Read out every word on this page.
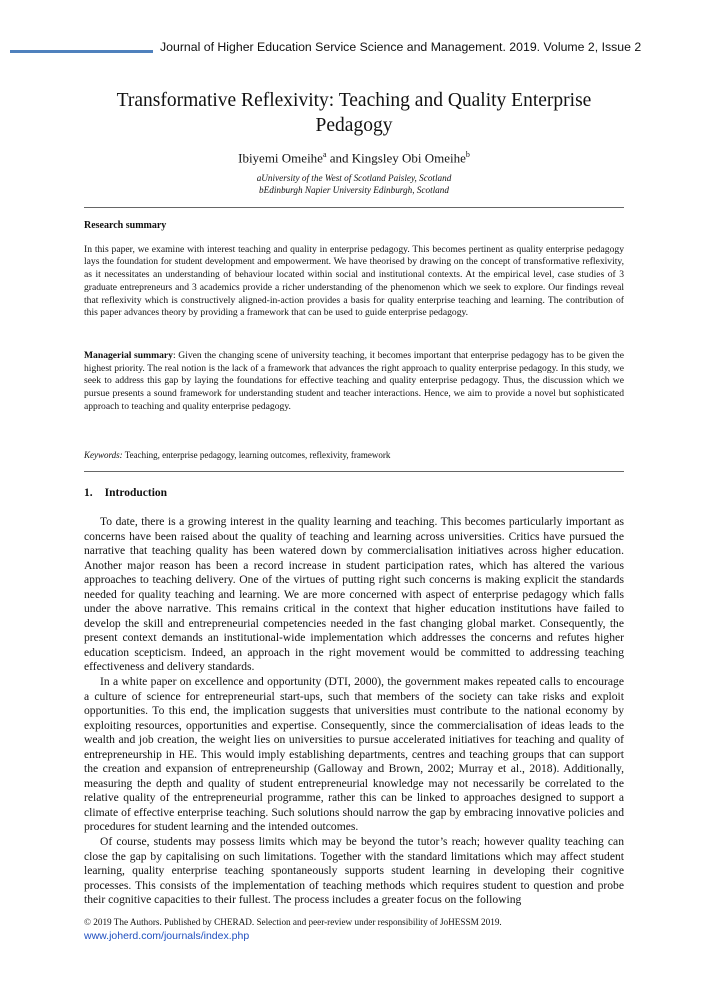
Journal of Higher Education Service Science and Management. 2019. Volume 2, Issue 2
Transformative Reflexivity: Teaching and Quality Enterprise Pedagogy
Ibiyemi Omeihe$^a$ and Kingsley Obi Omeihe$^b$
aUniversity of the West of Scotland Paisley, Scotland
bEdinburgh Napier University Edinburgh, Scotland
Research summary
In this paper, we examine with interest teaching and quality in enterprise pedagogy. This becomes pertinent as quality enterprise pedagogy lays the foundation for student development and empowerment. We have theorised by drawing on the concept of transformative reflexivity, as it necessitates an understanding of behaviour located within social and institutional contexts. At the empirical level, case studies of 3 graduate entrepreneurs and 3 academics provide a richer understanding of the phenomenon which we seek to explore. Our findings reveal that reflexivity which is constructively aligned-in-action provides a basis for quality enterprise teaching and learning. The contribution of this paper advances theory by providing a framework that can be used to guide enterprise pedagogy.
Managerial summary: Given the changing scene of university teaching, it becomes important that enterprise pedagogy has to be given the highest priority. The real notion is the lack of a framework that advances the right approach to quality enterprise pedagogy. In this study, we seek to address this gap by laying the foundations for effective teaching and quality enterprise pedagogy. Thus, the discussion which we pursue presents a sound framework for understanding student and teacher interactions. Hence, we aim to provide a novel but sophisticated approach to teaching and quality enterprise pedagogy.
Keywords: Teaching, enterprise pedagogy, learning outcomes, reflexivity, framework
1. Introduction

To date, there is a growing interest in the quality learning and teaching. This becomes particularly important as concerns have been raised about the quality of teaching and learning across universities. Critics have pursued the narrative that teaching quality has been watered down by commercialisation initiatives across higher education. Another major reason has been a record increase in student participation rates, which has altered the various approaches to teaching delivery. One of the virtues of putting right such concerns is making explicit the standards needed for quality teaching and learning. We are more concerned with aspect of enterprise pedagogy which falls under the above narrative. This remains critical in the context that higher education institutions have failed to develop the skill and entrepreneurial competencies needed in the fast changing global market. Consequently, the present context demands an institutional-wide implementation which addresses the concerns and refutes higher education scepticism. Indeed, an approach in the right movement would be committed to addressing teaching effectiveness and delivery standards.

In a white paper on excellence and opportunity (DTI, 2000), the government makes repeated calls to encourage a culture of science for entrepreneurial start-ups, such that members of the society can take risks and exploit opportunities. To this end, the implication suggests that universities must contribute to the national economy by exploiting resources, opportunities and expertise. Consequently, since the commercialisation of ideas leads to the wealth and job creation, the weight lies on universities to pursue accelerated initiatives for teaching and quality of entrepreneurship in HE. This would imply establishing departments, centres and teaching groups that can support the creation and expansion of entrepreneurship (Galloway and Brown, 2002; Murray et al., 2018). Additionally, measuring the depth and quality of student entrepreneurial knowledge may not necessarily be correlated to the relative quality of the entrepreneurial programme, rather this can be linked to approaches designed to support a climate of effective enterprise teaching. Such solutions should narrow the gap by embracing innovative policies and procedures for student learning and the intended outcomes.

Of course, students may possess limits which may be beyond the tutor’s reach; however quality teaching can close the gap by capitalising on such limitations. Together with the standard limitations which may affect student learning, quality enterprise teaching spontaneously supports student learning in developing their cognitive processes. This consists of the implementation of teaching methods which requires student to question and probe their cognitive capacities to their fullest. The process includes a greater focus on the following

© 2019 The Authors. Published by CHERAD. Selection and peer-review under responsibility of JoHESSM 2019.
www.joherd.com/journals/index.php
